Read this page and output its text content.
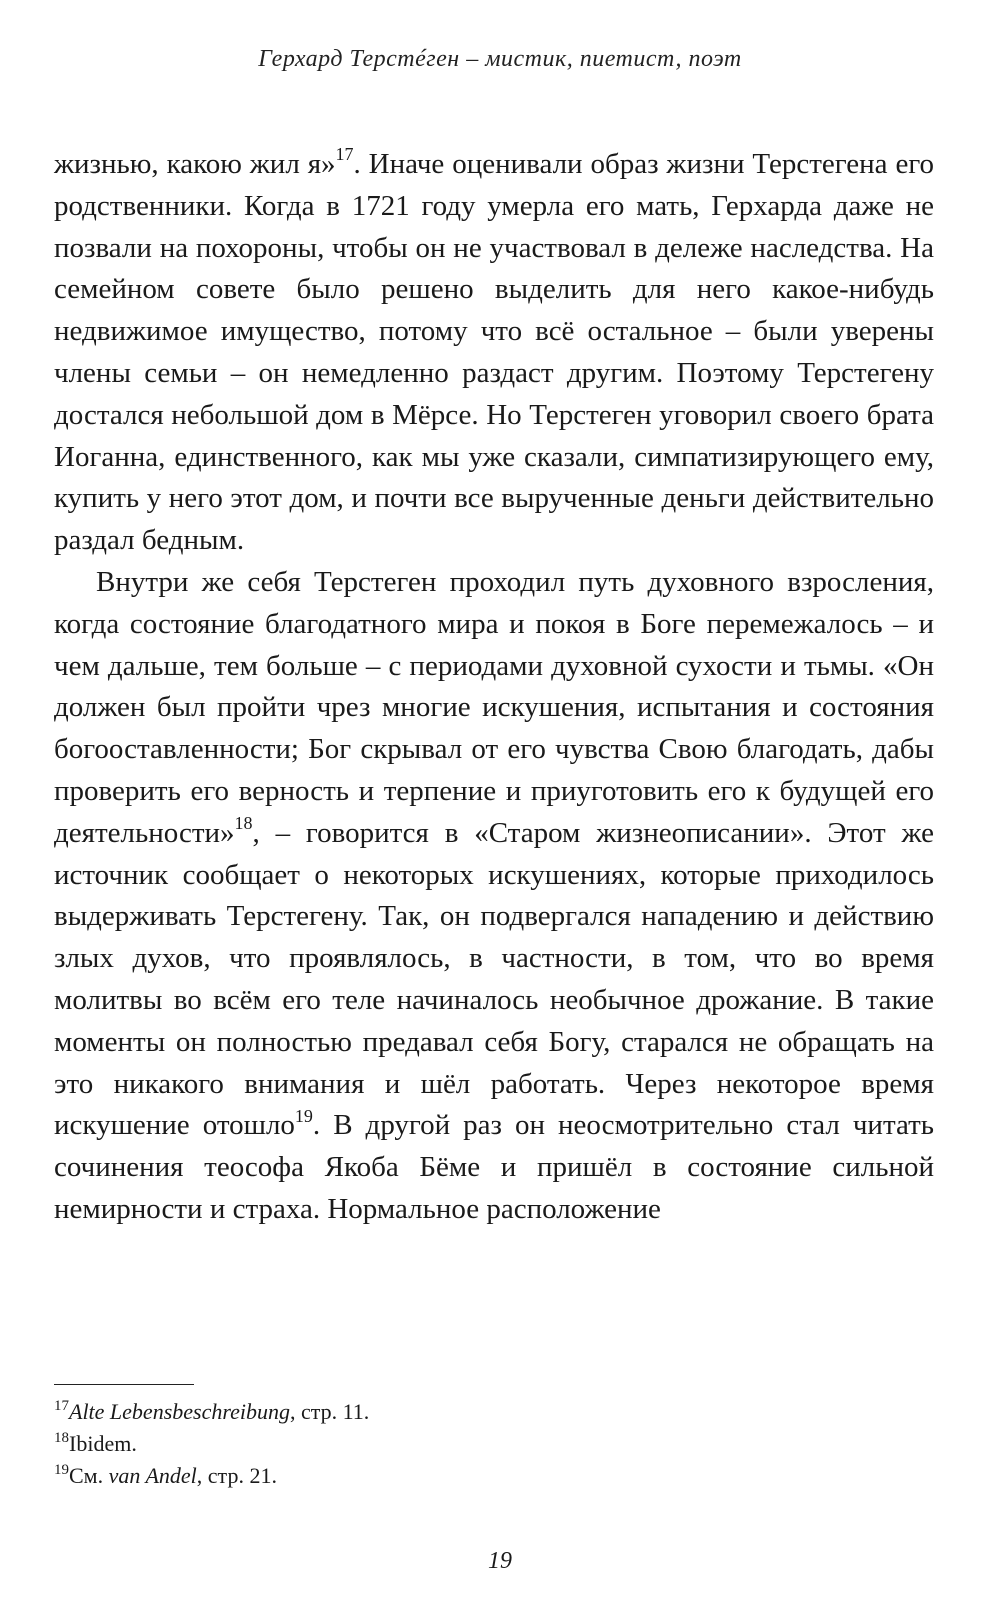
Герхард Терстéген – мистик, пиетист, поэт

жизнью, какою жил я»$^{17}$. Иначе оценивали образ жизни Терстегена его родственники. Когда в 1721 году умерла его мать, Герхарда даже не позвали на похороны, чтобы он не участвовал в дележе наследства. На семейном совете было решено выделить для него какое-нибудь недвижимое имущество, потому что всё остальное – были уверены члены семьи – он немедленно раздаст другим. Поэтому Терстегену достался небольшой дом в Мёрсе. Но Терстеген уговорил своего брата Иоганна, единственного, как мы уже сказали, симпатизирующего ему, купить у него этот дом, и почти все вырученные деньги действительно раздал бедным.

Внутри же себя Терстеген проходил путь духовного взросления, когда состояние благодатного мира и покоя в Боге перемежалось – и чем дальше, тем больше – с периодами духовной сухости и тьмы. «Он должен был пройти чрез многие искушения, испытания и состояния богооставленности; Бог скрывал от его чувства Свою благодать, дабы проверить его верность и терпение и приуготовить его к будущей его деятельности»$^{18}$, – говорится в «Старом жизнеописании». Этот же источник сообщает о некоторых искушениях, которые приходилось выдерживать Терстегену. Так, он подвергался нападению и действию злых духов, что проявлялось, в частности, в том, что во время молитвы во всём его теле начиналось необычное дрожание. В такие моменты он полностью предавал себя Богу, старался не обращать на это никакого внимания и шёл работать. Через некоторое время искушение отошло$^{19}$. В другой раз он неосмотрительно стал читать сочинения теософа Якоба Бёме и пришёл в состояние сильной немирности и страха. Нормальное расположение

$^{17}$Alte Lebensbeschreibung, стр. 11.

$^{18}$Ibidem.

$^{19}$См. van Andel, стр. 21.

19
